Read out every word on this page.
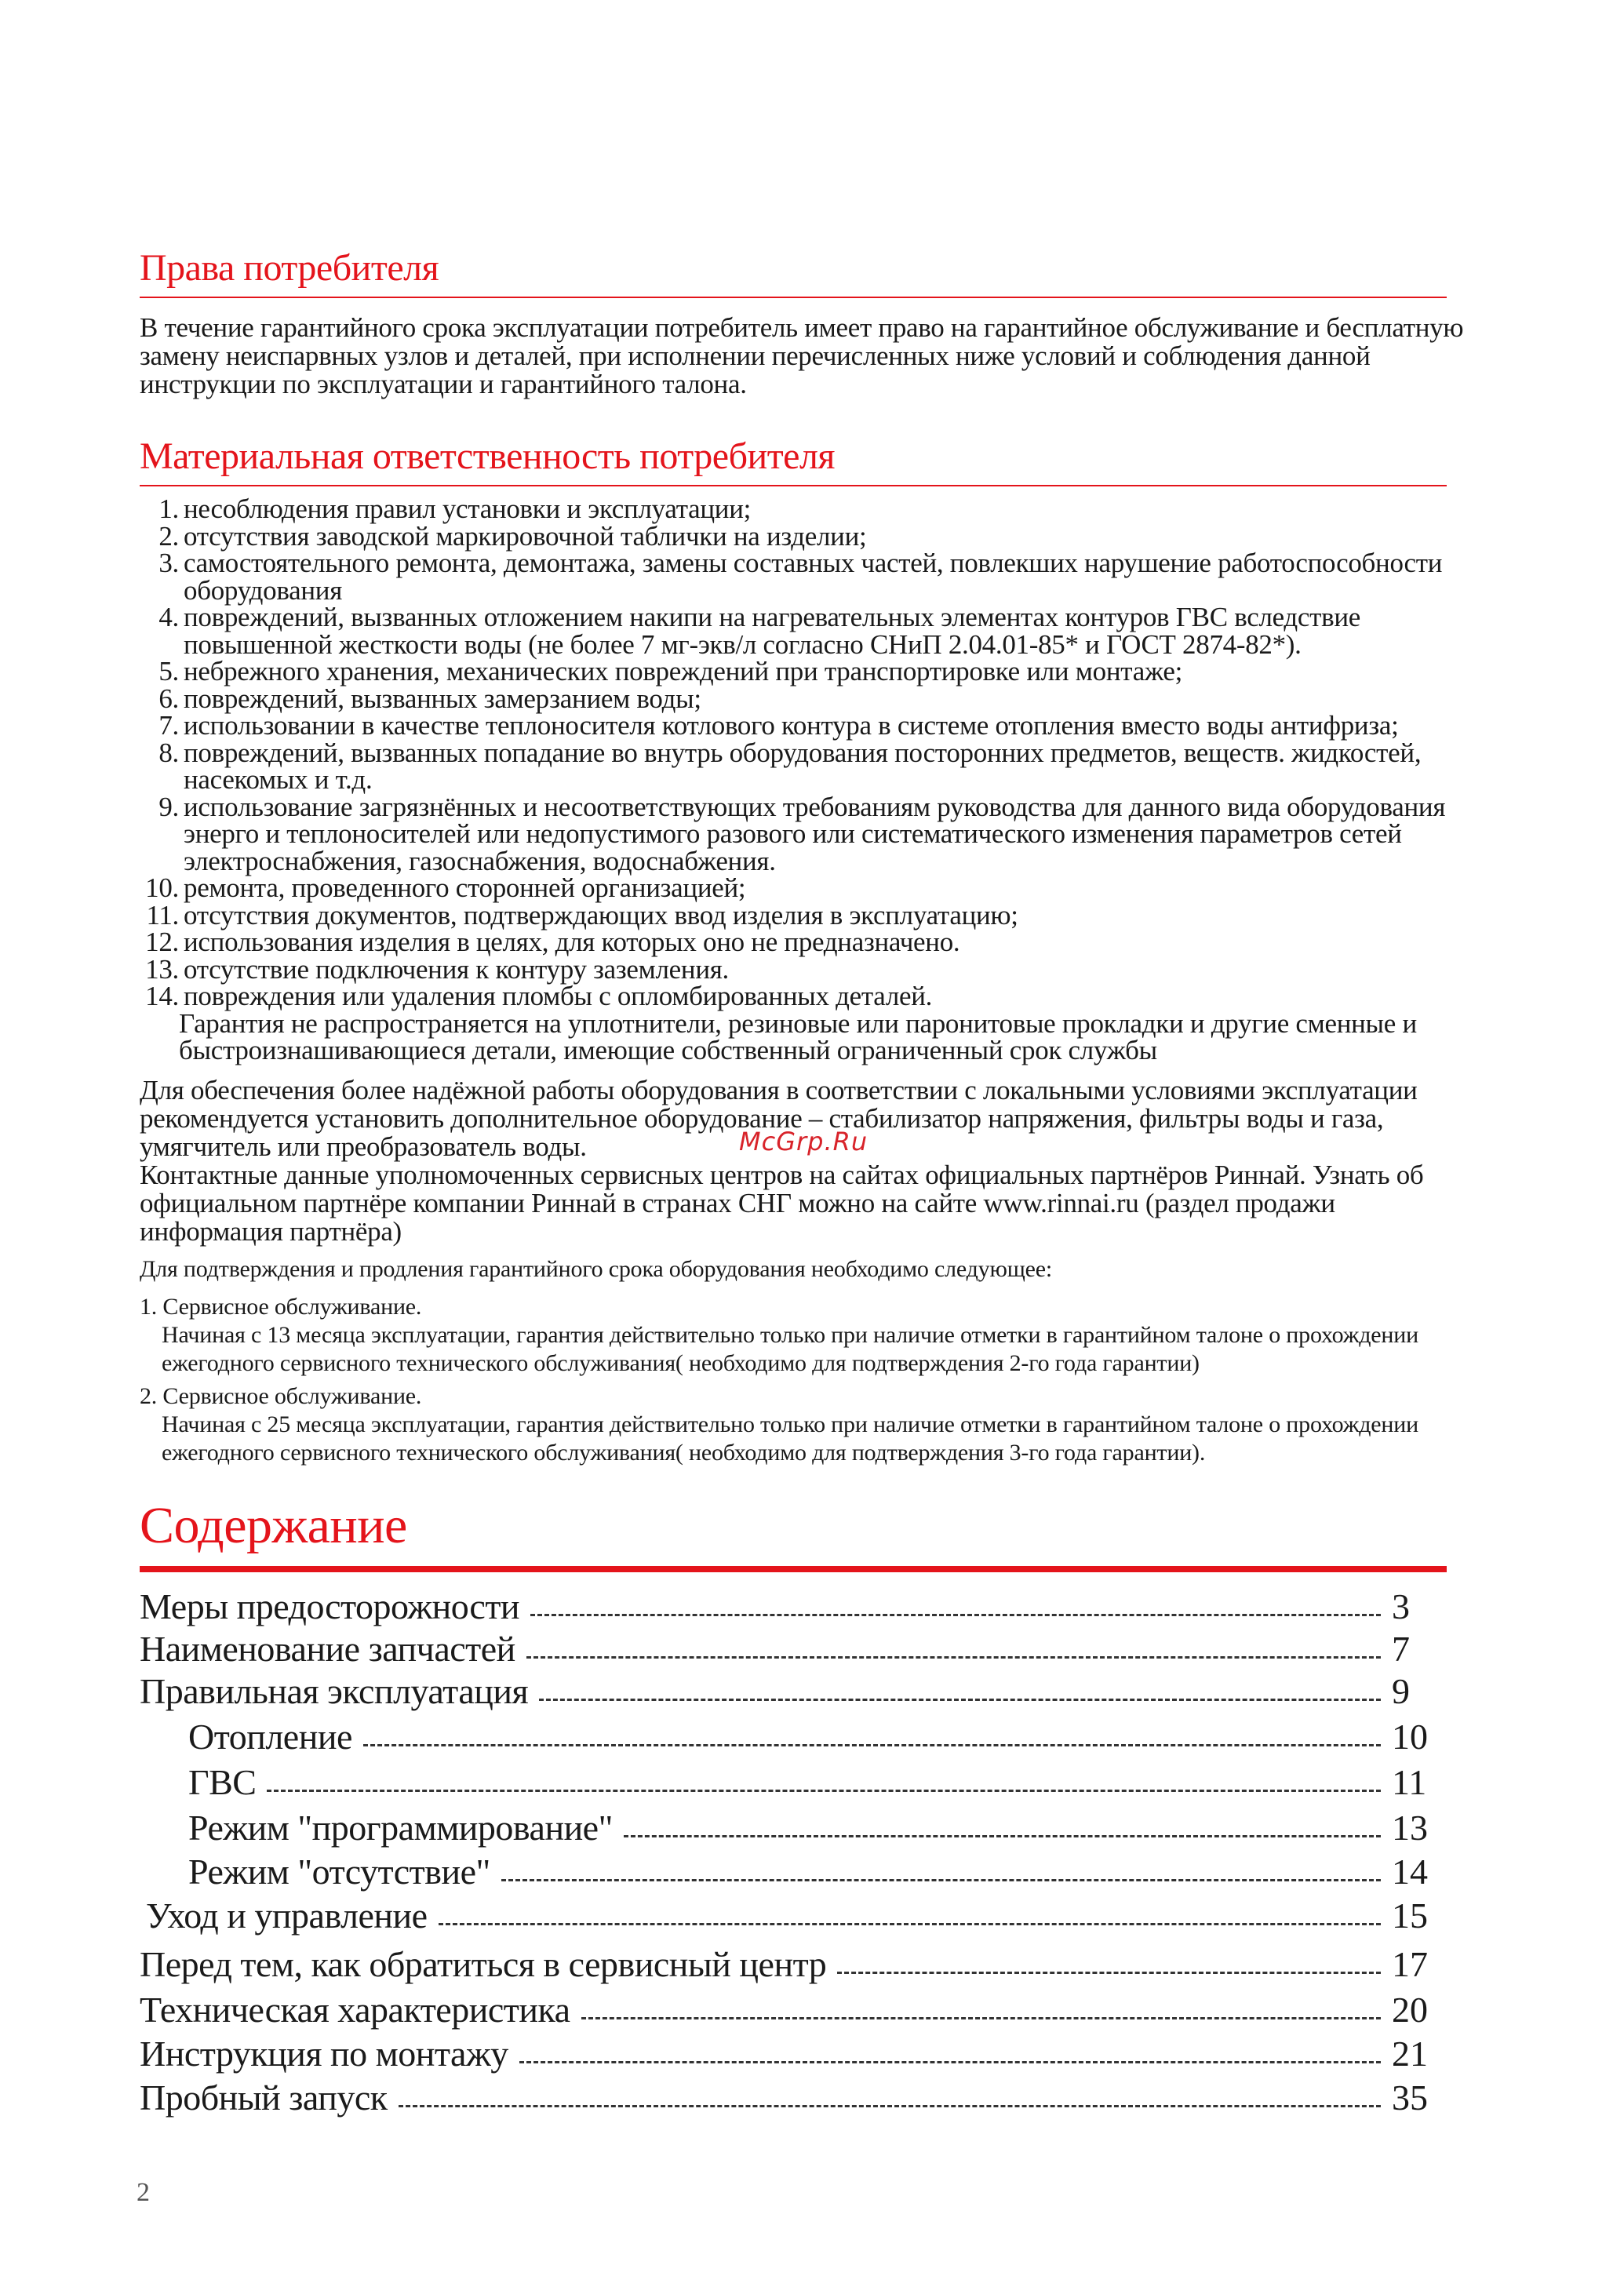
Права потребителя
В течение гарантийного срока эксплуатации потребитель имеет право на гарантийное обслуживание и бесплатную замену неиспарвных узлов и деталей, при исполнении перечисленных ниже условий и соблюдения данной инструкции по эксплуатации и гарантийного талона.
Материальная ответственность потребителя
1. несоблюдения правил установки и эксплуатации;
2. отсутствия заводской маркировочной таблички на изделии;
3. самостоятельного ремонта, демонтажа, замены составных частей, повлекших нарушение работоспособности оборудования
4. повреждений, вызванных отложением накипи на нагревательных элементах контуров ГВС вследствие повышенной жесткости воды (не более 7 мг-экв/л согласно СНиП 2.04.01-85* и ГОСТ 2874-82*).
5. небрежного хранения, механических повреждений при транспортировке или монтаже;
6. повреждений, вызванных замерзанием воды;
7. использовании в качестве теплоносителя котлового контура в системе отопления вместо воды антифриза;
8. повреждений, вызванных попадание во внутрь оборудования посторонних предметов, веществ. жидкостей, насекомых и т.д.
9. использование загрязнённых и несоответствующих требованиям руководства для данного вида оборудования энерго и теплоносителей или недопустимого разового или систематического изменения параметров сетей электроснабжения, газоснабжения, водоснабжения.
10. ремонта, проведенного сторонней организацией;
11. отсутствия документов, подтверждающих ввод изделия в эксплуатацию;
12. использования изделия в целях, для которых оно не предназначено.
13. отсутствие подключения к контуру заземления.
14. повреждения или удаления пломбы с опломбированных деталей.
Гарантия не распространяется на уплотнители, резиновые или паронитовые прокладки и другие сменные и быстроизнашивающиеся детали, имеющие собственный ограниченный срок службы
Для обеспечения более надёжной работы оборудования в соответствии с локальными условиями эксплуатации рекомендуется установить дополнительное оборудование – стабилизатор напряжения, фильтры воды и газа, умягчитель или преобразователь воды.
Контактные данные уполномоченных сервисных центров на сайтах официальных партнёров Риннай. Узнать об официальном партнёре компании Риннай в странах СНГ можно на сайте www.rinnai.ru (раздел продажи информация партнёра)
McGrp.Ru
Для подтверждения и продления гарантийного срока оборудования необходимо следующее:
1. Сервисное обслуживание.
Начиная с 13 месяца эксплуатации, гарантия действительно только при наличие отметки в гарантийном талоне о прохождении ежегодного сервисного технического обслуживания( необходимо для подтверждения 2-го года гарантии)
2. Сервисное обслуживание.
Начиная с 25 месяца эксплуатации, гарантия действительно только при наличие отметки в гарантийном талоне о прохождении ежегодного сервисного технического обслуживания( необходимо для подтверждения 3-го года гарантии).
Содержание
Меры предосторожности	3
Наименование запчастей	7
Правильная эксплуатация	9
Отопление	10
ГВС	11
Режим "программирование"	13
Режим "отсутствие"	14
Уход и управление	15
Перед тем, как обратиться в сервисный центр	17
Техническая характеристика	20
Инструкция по монтажу	21
Пробный запуск	35
2
